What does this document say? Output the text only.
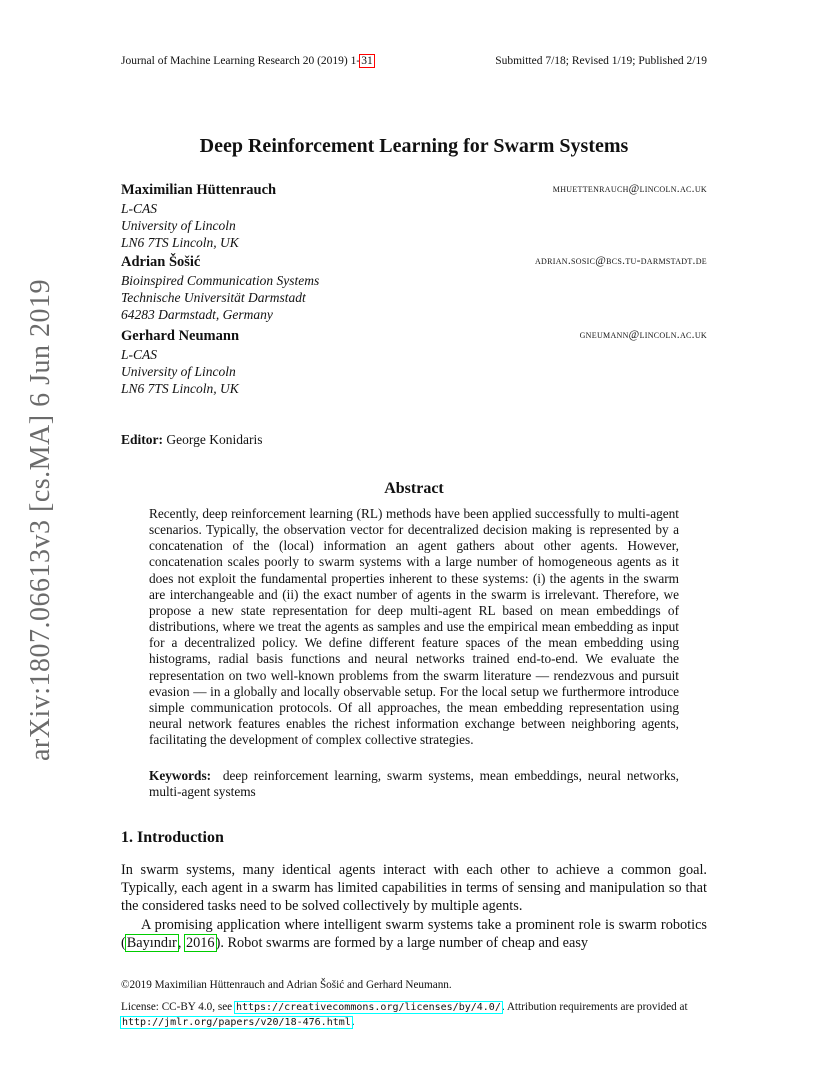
Journal of Machine Learning Research 20 (2019) 1-31	Submitted 7/18; Revised 1/19; Published 2/19
arXiv:1807.06613v3 [cs.MA] 6 Jun 2019
Deep Reinforcement Learning for Swarm Systems
Maximilian Hüttenrauch	mhuettenrauch@lincoln.ac.uk
L-CAS
University of Lincoln
LN6 7TS Lincoln, UK
Adrian Šošić	adrian.sosic@bcs.tu-darmstadt.de
Bioinspired Communication Systems
Technische Universität Darmstadt
64283 Darmstadt, Germany
Gerhard Neumann	gneumann@lincoln.ac.uk
L-CAS
University of Lincoln
LN6 7TS Lincoln, UK
Editor: George Konidaris
Abstract
Recently, deep reinforcement learning (RL) methods have been applied successfully to multi-agent scenarios. Typically, the observation vector for decentralized decision making is represented by a concatenation of the (local) information an agent gathers about other agents. However, concatenation scales poorly to swarm systems with a large number of homogeneous agents as it does not exploit the fundamental properties inherent to these systems: (i) the agents in the swarm are interchangeable and (ii) the exact number of agents in the swarm is irrelevant. Therefore, we propose a new state representation for deep multi-agent RL based on mean embeddings of distributions, where we treat the agents as samples and use the empirical mean embedding as input for a decentralized policy. We define different feature spaces of the mean embedding using histograms, radial basis functions and neural networks trained end-to-end. We evaluate the representation on two well-known problems from the swarm literature — rendezvous and pursuit evasion — in a globally and locally observable setup. For the local setup we furthermore introduce simple communication protocols. Of all approaches, the mean embedding representation using neural network features enables the richest information exchange between neighboring agents, facilitating the development of complex collective strategies.
Keywords: deep reinforcement learning, swarm systems, mean embeddings, neural networks, multi-agent systems
1. Introduction

In swarm systems, many identical agents interact with each other to achieve a common goal. Typically, each agent in a swarm has limited capabilities in terms of sensing and manipulation so that the considered tasks need to be solved collectively by multiple agents.

A promising application where intelligent swarm systems take a prominent role is swarm robotics (Bayındır, 2016). Robot swarms are formed by a large number of cheap and easy

©2019 Maximilian Hüttenrauch and Adrian Šošić and Gerhard Neumann.
License: CC-BY 4.0, see https://creativecommons.org/licenses/by/4.0/. Attribution requirements are provided at http://jmlr.org/papers/v20/18-476.html.
